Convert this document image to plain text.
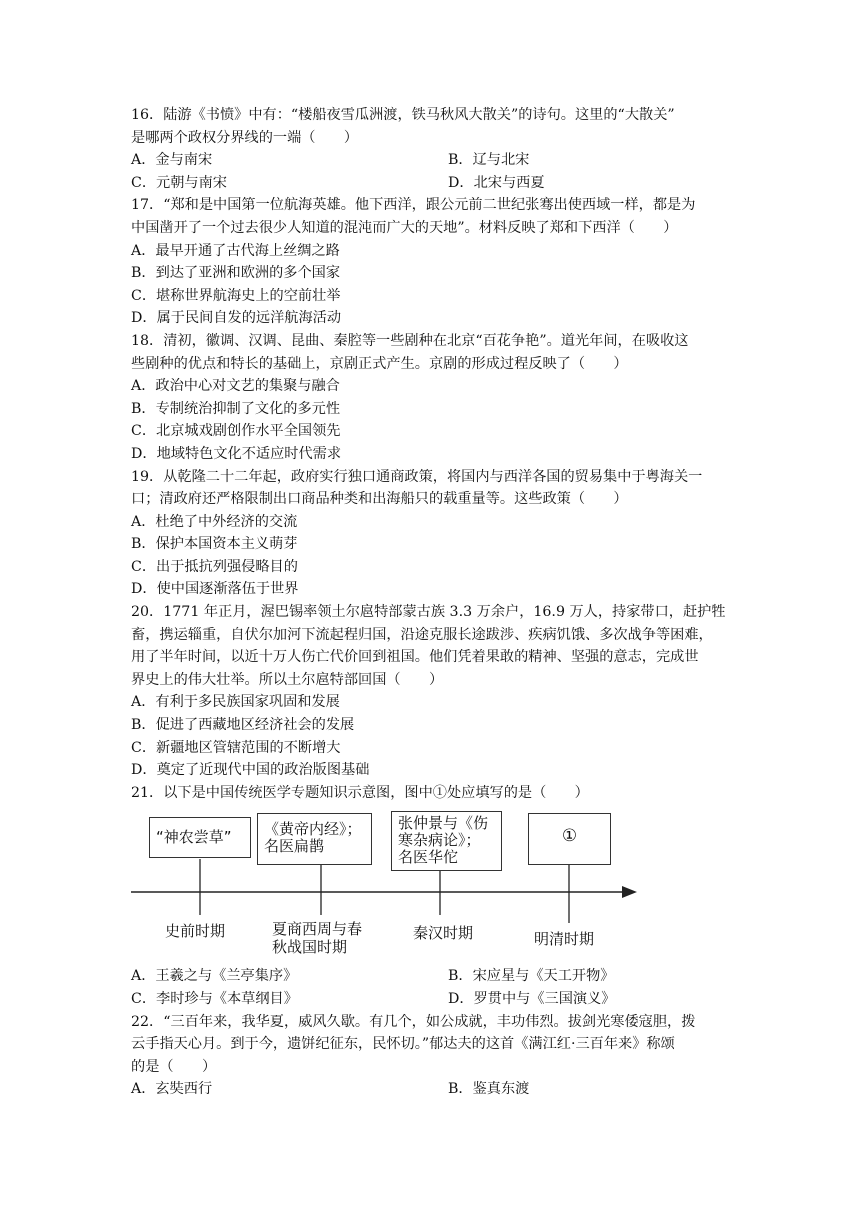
16．陆游《书愤》中有：“楼船夜雪瓜洲渡，铁马秋风大散关”的诗句。这里的“大散关”
是哪两个政权分界线的一端（　　）
A．金与南宋	B．辽与北宋
C．元朝与南宋	D．北宋与西夏
17．“郑和是中国第一位航海英雄。他下西洋，跟公元前二世纪张骞出使西域一样，都是为
中国凿开了一个过去很少人知道的混沌而广大的天地”。材料反映了郑和下西洋（　　）
A．最早开通了古代海上丝绸之路
B．到达了亚洲和欧洲的多个国家
C．堪称世界航海史上的空前壮举
D．属于民间自发的远洋航海活动
18．清初，徽调、汉调、昆曲、秦腔等一些剧种在北京“百花争艳”。道光年间，在吸收这
些剧种的优点和特长的基础上，京剧正式产生。京剧的形成过程反映了（　　）
A．政治中心对文艺的集聚与融合
B．专制统治抑制了文化的多元性
C．北京城戏剧创作水平全国领先
D．地域特色文化不适应时代需求
19．从乾隆二十二年起，政府实行独口通商政策，将国内与西洋各国的贸易集中于粤海关一
口；清政府还严格限制出口商品种类和出海船只的载重量等。这些政策（　　）
A．杜绝了中外经济的交流
B．保护本国资本主义萌芽
C．出于抵抗列强侵略目的
D．使中国逐渐落伍于世界
20．1771 年正月，渥巴锡率领土尔扈特部蒙古族 3.3 万余户，16.9 万人，持家带口，赶护牲
畜，携运辎重，自伏尔加河下流起程归国，沿途克服长途跋涉、疾病饥饿、多次战争等困难，
用了半年时间，以近十万人伤亡代价回到祖国。他们凭着果敢的精神、坚强的意志，完成世
界史上的伟大壮举。所以土尔扈特部回国（　　）
A．有利于多民族国家巩固和发展
B．促进了西藏地区经济社会的发展
C．新疆地区管辖范围的不断增大
D．奠定了近现代中国的政治版图基础
21．以下是中国传统医学专题知识示意图，图中①处应填写的是（　　）
“神农尝草”	《黄帝内经》；
名医扁鹊
张仲景与《伤
寒杂病论》；
名医华佗
①
史前时期	夏商西周与春
秋战国时期
秦汉时期	明清时期
A．王羲之与《兰亭集序》	B．宋应星与《天工开物》
C．李时珍与《本草纲目》	D．罗贯中与《三国演义》
22．“三百年来，我华夏，威风久歇。有几个，如公成就，丰功伟烈。拔剑光寒倭寇胆，拨
云手指天心月。到于今，遗饼纪征东，民怀切。”郁达夫的这首《满江红·三百年来》称颂
的是（　　）
A．玄奘西行	B．鉴真东渡
